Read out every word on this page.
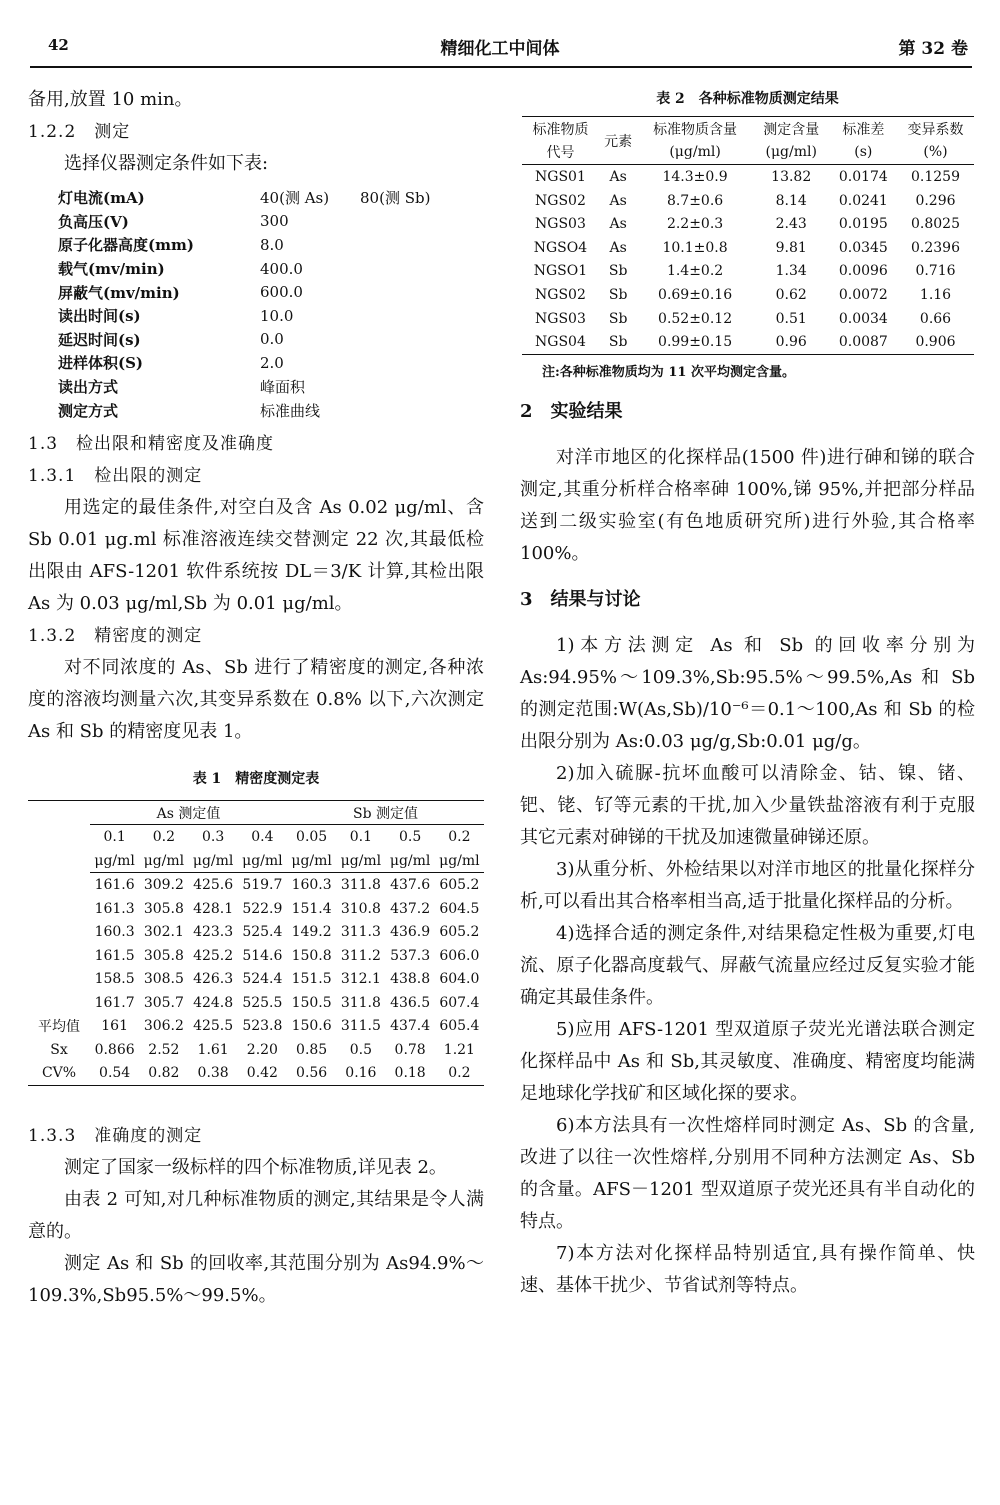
42	精细化工中间体	第 32 卷

备用,放置 10 min。

1.2.2　测定

选择仪器测定条件如下表:

灯电流(mA)	40(测 As)	80(测 Sb)
负高压(V)	300	
原子化器高度(mm)	8.0	
载气(mv/min)	400.0	
屏蔽气(mv/min)	600.0	
读出时间(s)	10.0	
延迟时间(s)	0.0	
进样体积(S)	2.0	
读出方式	峰面积	
测定方式	标准曲线	

1.3　检出限和精密度及准确度

1.3.1　检出限的测定

用选定的最佳条件,对空白及含 As 0.02 μg/ml、含 Sb 0.01 μg.ml 标准溶液连续交替测定 22 次,其最低检出限由 AFS-1201 软件系统按 DL＝3/K 计算,其检出限 As 为 0.03 μg/ml,Sb 为 0.01 μg/ml。

1.3.2　精密度的测定

对不同浓度的 As、Sb 进行了精密度的测定,各种浓度的溶液均测量六次,其变异系数在 0.8% 以下,六次测定 As 和 Sb 的精密度见表 1。

表 1　精密度测定表

	As 测定值				Sb 测定值			
	0.1	0.2	0.3	0.4	0.05	0.1	0.5	0.2
	μg/ml	μg/ml	μg/ml	μg/ml	μg/ml	μg/ml	μg/ml	μg/ml
	161.6	309.2	425.6	519.7	160.3	311.8	437.6	605.2
	161.3	305.8	428.1	522.9	151.4	310.8	437.2	604.5
	160.3	302.1	423.3	525.4	149.2	311.3	436.9	605.2
	161.5	305.8	425.2	514.6	150.8	311.2	537.3	606.0
	158.5	308.5	426.3	524.4	151.5	312.1	438.8	604.0
	161.7	305.7	424.8	525.5	150.5	311.8	436.5	607.4
平均值	161	306.2	425.5	523.8	150.6	311.5	437.4	605.4
Sx	0.866	2.52	1.61	2.20	0.85	0.5	0.78	1.21
CV%	0.54	0.82	0.38	0.42	0.56	0.16	0.18	0.2

1.3.3　准确度的测定

测定了国家一级标样的四个标准物质,详见表 2。

由表 2 可知,对几种标准物质的测定,其结果是令人满意的。

测定 As 和 Sb 的回收率,其范围分别为 As94.9%～109.3%,Sb95.5%～99.5%。

表 2　各种标准物质测定结果

标准物质	元素	标准物质含量	测定含量	标准差	变异系数
代号		(μg/ml)	(μg/ml)	(s)	(%)
NGS01	As	14.3±0.9	13.82	0.0174	0.1259
NGS02	As	8.7±0.6	8.14	0.0241	0.296
NGS03	As	2.2±0.3	2.43	0.0195	0.8025
NGSO4	As	10.1±0.8	9.81	0.0345	0.2396
NGSO1	Sb	1.4±0.2	1.34	0.0096	0.716
NGS02	Sb	0.69±0.16	0.62	0.0072	1.16
NGS03	Sb	0.52±0.12	0.51	0.0034	0.66
NGS04	Sb	0.99±0.15	0.96	0.0087	0.906

注:各种标准物质均为 11 次平均测定含量。

2　实验结果

对洋市地区的化探样品(1500 件)进行砷和锑的联合测定,其重分析样合格率砷 100%,锑 95%,并把部分样品送到二级实验室(有色地质研究所)进行外验,其合格率 100%。

3　结果与讨论

1)本方法测定 As 和 Sb 的回收率分别为 As:94.95%～109.3%,Sb:95.5%～99.5%,As 和 Sb 的测定范围:W(As,Sb)/10⁻⁶＝0.1～100,As 和 Sb 的检出限分别为 As:0.03 μg/g,Sb:0.01 μg/g。

2)加入硫脲-抗坏血酸可以清除金、钴、镍、锗、钯、铑、钌等元素的干扰,加入少量铁盐溶液有利于克服其它元素对砷锑的干扰及加速微量砷锑还原。

3)从重分析、外检结果以对洋市地区的批量化探样分析,可以看出其合格率相当高,适于批量化探样品的分析。

4)选择合适的测定条件,对结果稳定性极为重要,灯电流、原子化器高度载气、屏蔽气流量应经过反复实验才能确定其最佳条件。

5)应用 AFS-1201 型双道原子荧光光谱法联合测定化探样品中 As 和 Sb,其灵敏度、准确度、精密度均能满足地球化学找矿和区域化探的要求。

6)本方法具有一次性熔样同时测定 As、Sb 的含量,改进了以往一次性熔样,分别用不同种方法测定 As、Sb 的含量。AFS－1201 型双道原子荧光还具有半自动化的特点。

7)本方法对化探样品特别适宜,具有操作简单、快速、基体干扰少、节省试剂等特点。
